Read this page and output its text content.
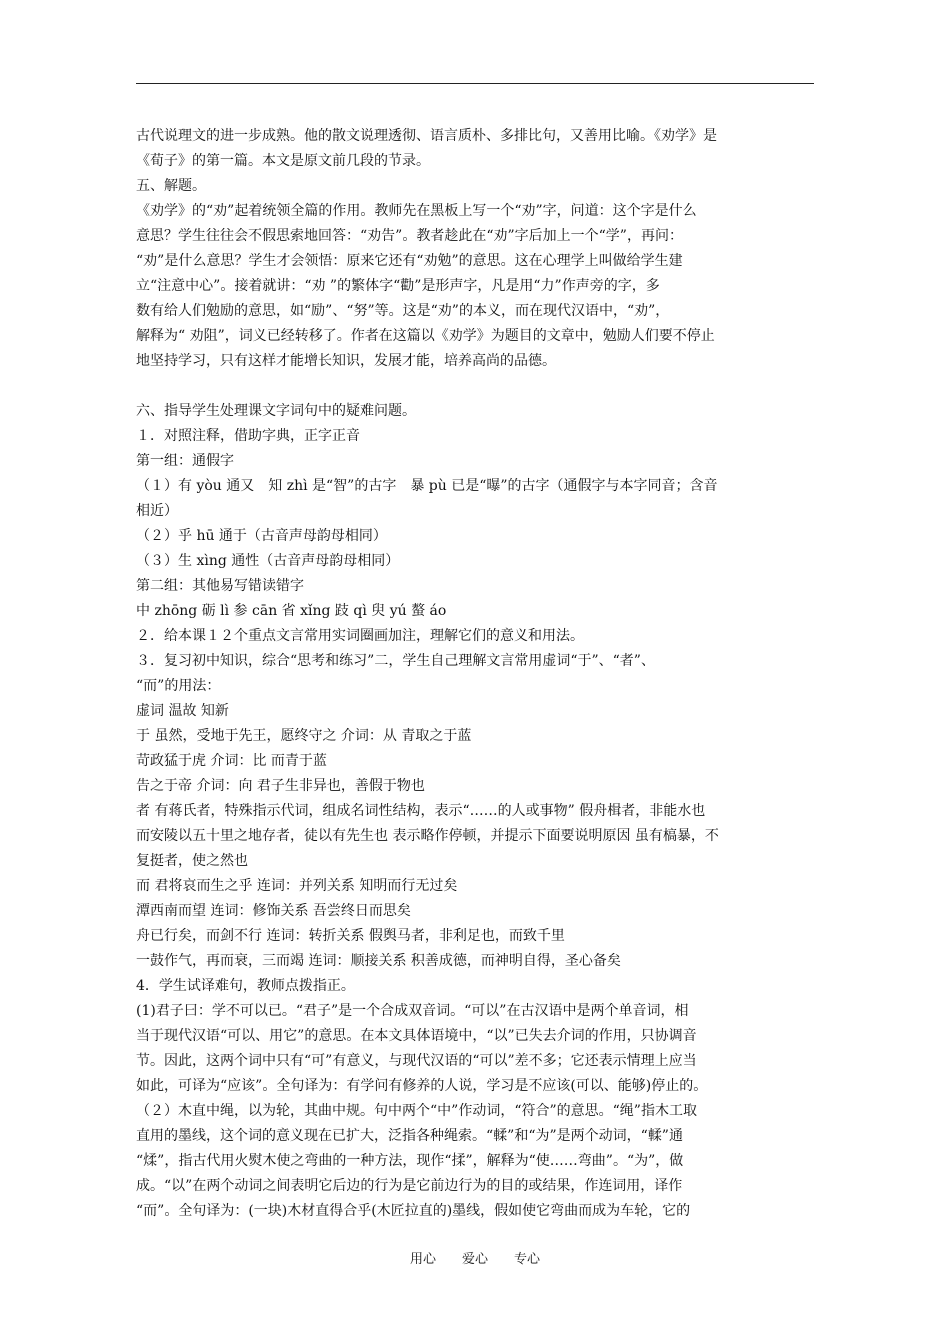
古代说理文的进一步成熟。他的散文说理透彻、语言质朴、多排比句，又善用比喻。《劝学》是
《荀子》的第一篇。本文是原文前几段的节录。
五、解题。
《劝学》的“劝”起着统领全篇的作用。教师先在黑板上写一个“劝”字，问道：这个字是什么
意思？学生往往会不假思索地回答：“劝告”。教者趁此在“劝”字后加上一个“学”，再问：
“劝”是什么意思？学生才会领悟：原来它还有“劝勉”的意思。这在心理学上叫做给学生建
立“注意中心”。接着就讲：“劝 ”的繁体字“勸”是形声字，凡是用“力”作声旁的字，多
数有给人们勉励的意思，如“励”、“努”等。这是“劝”的本义，而在现代汉语中，“劝”，
解释为“ 劝阻”，词义已经转移了。作者在这篇以《劝学》为题目的文章中，勉励人们要不停止
地坚持学习，只有这样才能增长知识，发展才能，培养高尚的品德。
六、指导学生处理课文字词句中的疑难问题。
１．对照注释，借助字典，正字正音
第一组：通假字
（１）有 yòu 通又　知 zhì 是“智”的古字　暴 pù 已是“曝”的古字（通假字与本字同音；含音
相近）
（２）乎 hū 通于（古音声母韵母相同）
（３）生 xìng 通性（古音声母韵母相同）
第二组：其他易写错读错字
中 zhōng 砺 lì 参 cān 省 xǐng 跂 qì 臾 yú 螯 áo
２．给本课１２个重点文言常用实词圈画加注，理解它们的意义和用法。
３．复习初中知识，综合“思考和练习”二，学生自己理解文言常用虚词“于”、“者”、
“而”的用法：
虚词 温故 知新
于 虽然，受地于先王，愿终守之 介词：从 青取之于蓝
苛政猛于虎 介词：比 而青于蓝
告之于帝 介词：向 君子生非异也，善假于物也
者 有蒋氏者，特殊指示代词，组成名词性结构，表示“……的人或事物” 假舟楫者，非能水也
而安陵以五十里之地存者，徒以有先生也 表示略作停顿，并提示下面要说明原因 虽有槁暴，不
复挺者，使之然也
而 君将哀而生之乎 连词：并列关系 知明而行无过矣
潭西南而望 连词：修饰关系 吾尝终日而思矣
舟已行矣，而剑不行 连词：转折关系 假舆马者，非利足也，而致千里
一鼓作气，再而衰，三而竭 连词：顺接关系 积善成德，而神明自得，圣心备矣
4．学生试译难句，教师点拨指正。
(1)君子曰：学不可以已。“君子”是一个合成双音词。“可以”在古汉语中是两个单音词，相
当于现代汉语“可以、用它”的意思。在本文具体语境中，“以”已失去介词的作用，只协调音
节。因此，这两个词中只有“可”有意义，与现代汉语的“可以”差不多；它还表示情理上应当
如此，可译为“应该”。全句译为：有学问有修养的人说，学习是不应该(可以、能够)停止的。
（２）木直中绳，以为轮，其曲中规。句中两个“中”作动词，“符合”的意思。“绳”指木工取
直用的墨线，这个词的意义现在已扩大，泛指各种绳索。“輮”和“为”是两个动词，“輮”通
“煣”，指古代用火熨木使之弯曲的一种方法，现作“揉”，解释为“使……弯曲”。“为”，做
成。“以”在两个动词之间表明它后边的行为是它前边行为的目的或结果，作连词用，译作
“而”。全句译为：(一块)木材直得合乎(木匠拉直的)墨线，假如使它弯曲而成为车轮，它的
用心　　爱心　　专心
